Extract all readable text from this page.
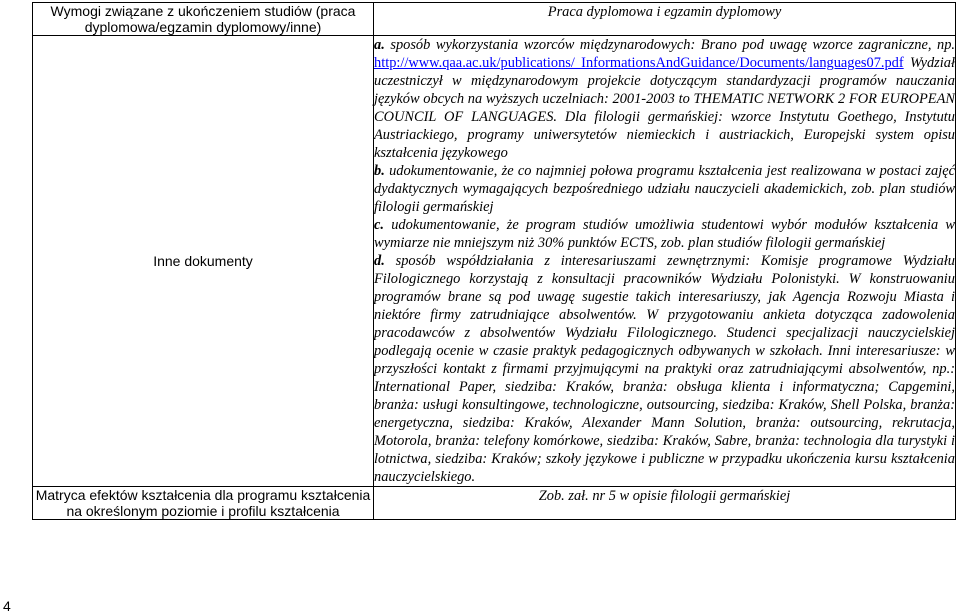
Wymogi związane z ukończeniem studiów (praca dyplomowa/egzamin dyplomowy/inne)	Praca dyplomowa i egzamin dyplomowy
Inne dokumenty	a. sposób wykorzystania wzorców międzynarodowych: Brano pod uwagę wzorce zagraniczne, np. http://www.qaa.ac.uk/publications/ InformationsAndGuidance/Documents/languages07.pdf Wydział uczestniczył w międzynarodowym projekcie dotyczącym standardyzacji programów nauczania języków obcych na wyższych uczelniach: 2001-2003 to THEMATIC NETWORK 2 FOR EUROPEAN COUNCIL OF LANGUAGES. Dla filologii germańskiej: wzorce Instytutu Goethego, Instytutu Austriackiego, programy uniwersytetów niemieckich i austriackich, Europejski system opisu kształcenia językowego
b. udokumentowanie, że co najmniej połowa programu kształcenia jest realizowana w postaci zajęć dydaktycznych wymagających bezpośredniego udziału nauczycieli akademickich, zob. plan studiów filologii germańskiej
c. udokumentowanie, że program studiów umożliwia studentowi wybór modułów kształcenia w wymiarze nie mniejszym niż 30% punktów ECTS, zob. plan studiów filologii germańskiej
d. sposób współdziałania z interesariuszami zewnętrznymi: Komisje programowe Wydziału Filologicznego korzystają z konsultacji pracowników Wydziału Polonistyki. W konstruowaniu programów brane są pod uwagę sugestie takich interesariuszy, jak Agencja Rozwoju Miasta i niektóre firmy zatrudniające absolwentów. W przygotowaniu ankieta dotycząca zadowolenia pracodawców z absolwentów Wydziału Filologicznego. Studenci specjalizacji nauczycielskiej podlegają ocenie w czasie praktyk pedagogicznych odbywanych w szkołach. Inni interesariusze: w przyszłości kontakt z firmami przyjmującymi na praktyki oraz zatrudniającymi absolwentów, np.: International Paper, siedziba: Kraków, branża: obsługa klienta i informatyczna; Capgemini, branża: usługi konsultingowe, technologiczne, outsourcing, siedziba: Kraków, Shell Polska, branża: energetyczna, siedziba: Kraków, Alexander Mann Solution, branża: outsourcing, rekrutacja, Motorola, branża: telefony komórkowe, siedziba: Kraków, Sabre, branża: technologia dla turystyki i lotnictwa, siedziba: Kraków; szkoły językowe i publiczne w przypadku ukończenia kursu kształcenia nauczycielskiego.
Matryca efektów kształcenia dla programu kształcenia na określonym poziomie i profilu kształcenia	Zob. zał. nr 5 w opisie filologii germańskiej
4
